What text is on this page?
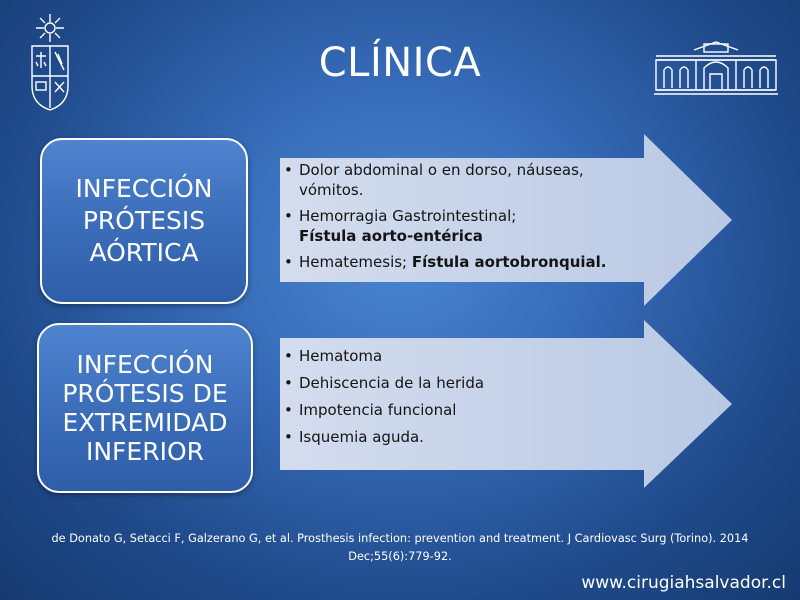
CLÍNICA
INFECCIÓN
PRÓTESIS
AÓRTICA
• Dolor abdominal o en dorso, náuseas, vómitos.
• Hemorragia Gastrointestinal;
Fístula aorto-entérica
• Hematemesis; Fístula aortobronquial.
INFECCIÓN
PRÓTESIS DE
EXTREMIDAD
INFERIOR
• Hematoma
• Dehiscencia de la herida
• Impotencia funcional
• Isquemia aguda.
de Donato G, Setacci F, Galzerano G, et al. Prosthesis infection: prevention and treatment. J Cardiovasc Surg (Torino). 2014 Dec;55(6):779-92.
www.cirugiahsalvador.cl
